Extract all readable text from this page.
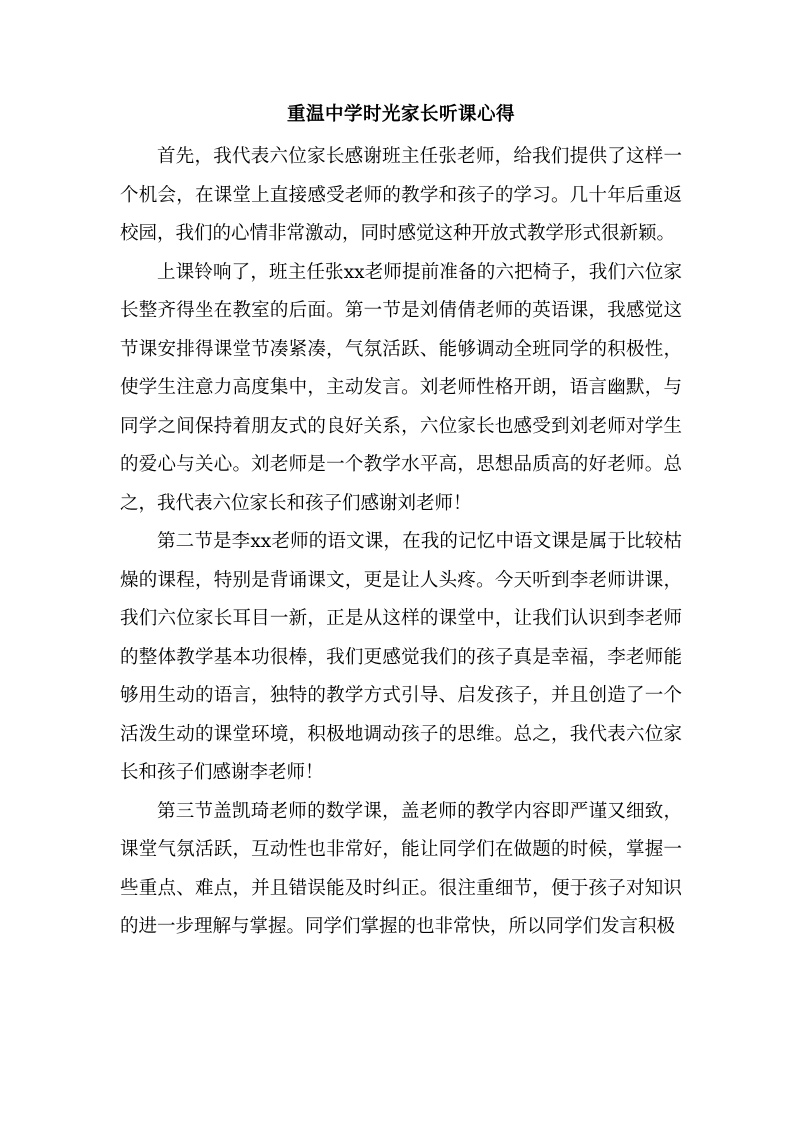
重温中学时光家长听课心得

首先，我代表六位家长感谢班主任张老师，给我们提供了这样一个机会，在课堂上直接感受老师的教学和孩子的学习。几十年后重返校园，我们的心情非常激动，同时感觉这种开放式教学形式很新颖。

上课铃响了，班主任张xx老师提前准备的六把椅子，我们六位家长整齐得坐在教室的后面。第一节是刘倩倩老师的英语课，我感觉这节课安排得课堂节凑紧凑，气氛活跃、能够调动全班同学的积极性，使学生注意力高度集中，主动发言。刘老师性格开朗，语言幽默，与同学之间保持着朋友式的良好关系，六位家长也感受到刘老师对学生的爱心与关心。刘老师是一个教学水平高，思想品质高的好老师。总之，我代表六位家长和孩子们感谢刘老师！

第二节是李xx老师的语文课，在我的记忆中语文课是属于比较枯燥的课程，特别是背诵课文，更是让人头疼。今天听到李老师讲课，我们六位家长耳目一新，正是从这样的课堂中，让我们认识到李老师的整体教学基本功很棒，我们更感觉我们的孩子真是幸福，李老师能够用生动的语言，独特的教学方式引导、启发孩子，并且创造了一个活泼生动的课堂环境，积极地调动孩子的思维。总之，我代表六位家长和孩子们感谢李老师！

第三节盖凯琦老师的数学课，盖老师的教学内容即严谨又细致，课堂气氛活跃，互动性也非常好，能让同学们在做题的时候，掌握一些重点、难点，并且错误能及时纠正。很注重细节，便于孩子对知识的进一步理解与掌握。同学们掌握的也非常快，所以同学们发言积极
